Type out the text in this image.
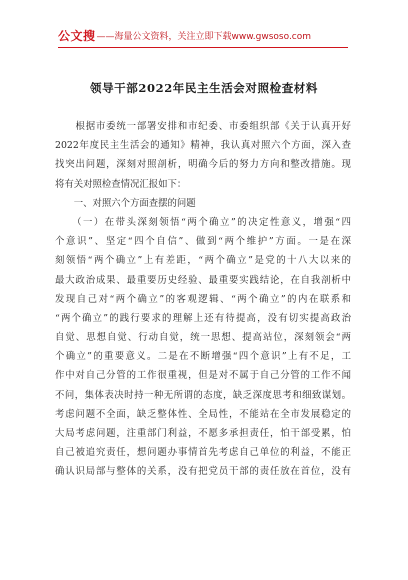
公文搜 ——海量公文资料，关注立即下载www.gwsoso.com
领导干部2022年民主生活会对照检查材料
　　根据市委统一部署安排和市纪委、市委组织部《关于认真开好
2022年度民主生活会的通知》精神，我认真对照六个方面，深入查
找突出问题，深刻对照剖析，明确今后的努力方向和整改措施。现
将有关对照检查情况汇报如下：
　　一、对照六个方面查摆的问题
　　（一）在带头深刻领悟“两个确立”的决定性意义，增强“四
个意识”、坚定“四个自信”、做到“两个维护”方面。一是在深
刻领悟“两个确立”上有差距，“两个确立”是党的十八大以来的
最大政治成果、最重要历史经验、最重要实践结论，在自我剖析中
发现自己对“两个确立”的客观逻辑、“两个确立”的内在联系和
“两个确立”的践行要求的理解上还有待提高，没有切实提高政治
自觉、思想自觉、行动自觉，统一思想、提高站位，深刻领会“两
个确立”的重要意义。二是在不断增强“四个意识”上有不足，工
作中对自己分管的工作很重视，但是对不属于自己分管的工作不闻
不问，集体表决时持一种无所谓的态度，缺乏深度思考和细致谋划。
考虑问题不全面，缺乏整体性、全局性，不能站在全市发展稳定的
大局考虑问题，注重部门利益，不愿多承担责任，怕干部受累，怕
自己被追究责任，想问题办事情首先考虑自己单位的利益，不能正
确认识局部与整体的关系，没有把党员干部的责任放在首位，没有
